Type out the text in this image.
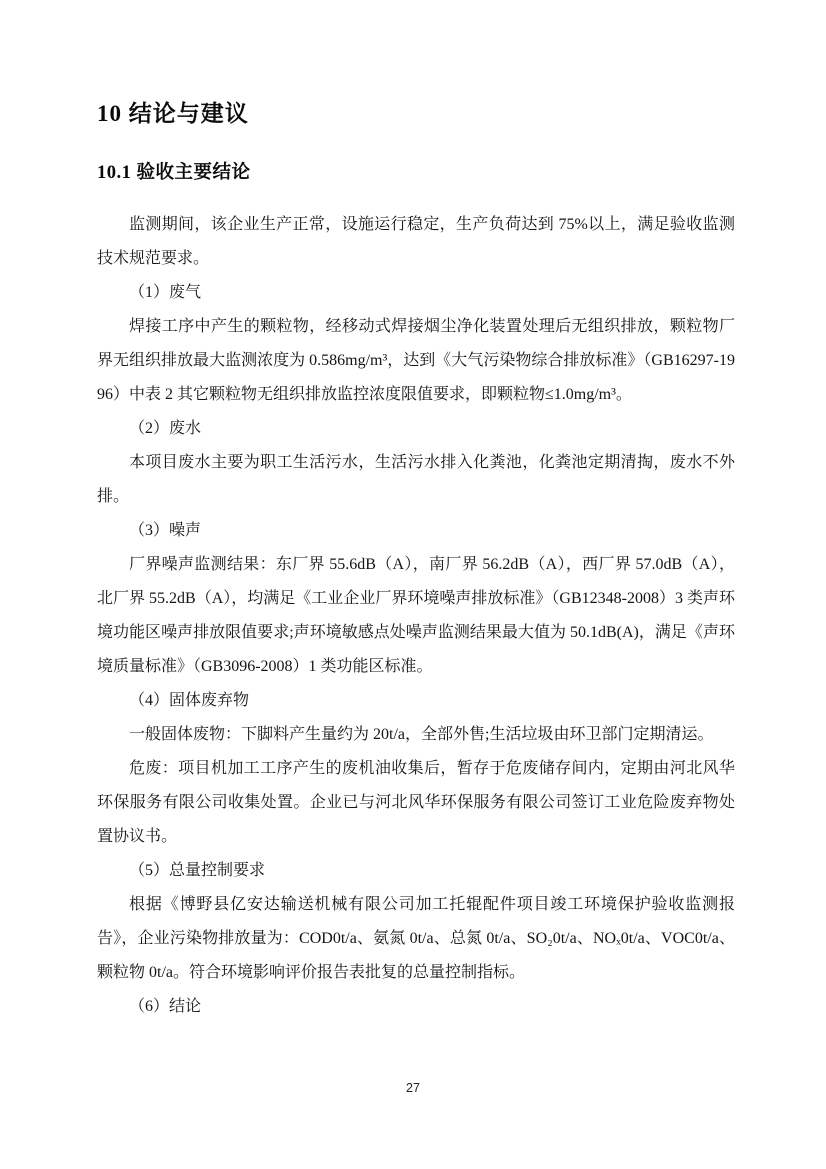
10 结论与建议
10.1 验收主要结论

监测期间，该企业生产正常，设施运行稳定，生产负荷达到 75%以上，满足验收监测技术规范要求。

（1）废气

焊接工序中产生的颗粒物，经移动式焊接烟尘净化装置处理后无组织排放，颗粒物厂界无组织排放最大监测浓度为 0.586mg/m³，达到《大气污染物综合排放标准》（GB16297-1996）中表 2 其它颗粒物无组织排放监控浓度限值要求，即颗粒物≤1.0mg/m³。

（2）废水

本项目废水主要为职工生活污水，生活污水排入化粪池，化粪池定期清掏，废水不外排。

（3）噪声

厂界噪声监测结果：东厂界 55.6dB（A），南厂界 56.2dB（A），西厂界 57.0dB（A），北厂界 55.2dB（A），均满足《工业企业厂界环境噪声排放标准》（GB12348-2008）3 类声环境功能区噪声排放限值要求;声环境敏感点处噪声监测结果最大值为 50.1dB(A)，满足《声环境质量标准》（GB3096-2008）1 类功能区标准。

（4）固体废弃物

一般固体废物：下脚料产生量约为 20t/a，全部外售;生活垃圾由环卫部门定期清运。

危废：项目机加工工序产生的废机油收集后，暂存于危废储存间内，定期由河北风华环保服务有限公司收集处置。企业已与河北风华环保服务有限公司签订工业危险废弃物处置协议书。

（5）总量控制要求

根据《博野县亿安达输送机械有限公司加工托辊配件项目竣工环境保护验收监测报告》，企业污染物排放量为：COD0t/a、氨氮 0t/a、总氮 0t/a、SO₂0t/a、NOₓ0t/a、VOC0t/a、颗粒物 0t/a。符合环境影响评价报告表批复的总量控制指标。

（6）结论

27
